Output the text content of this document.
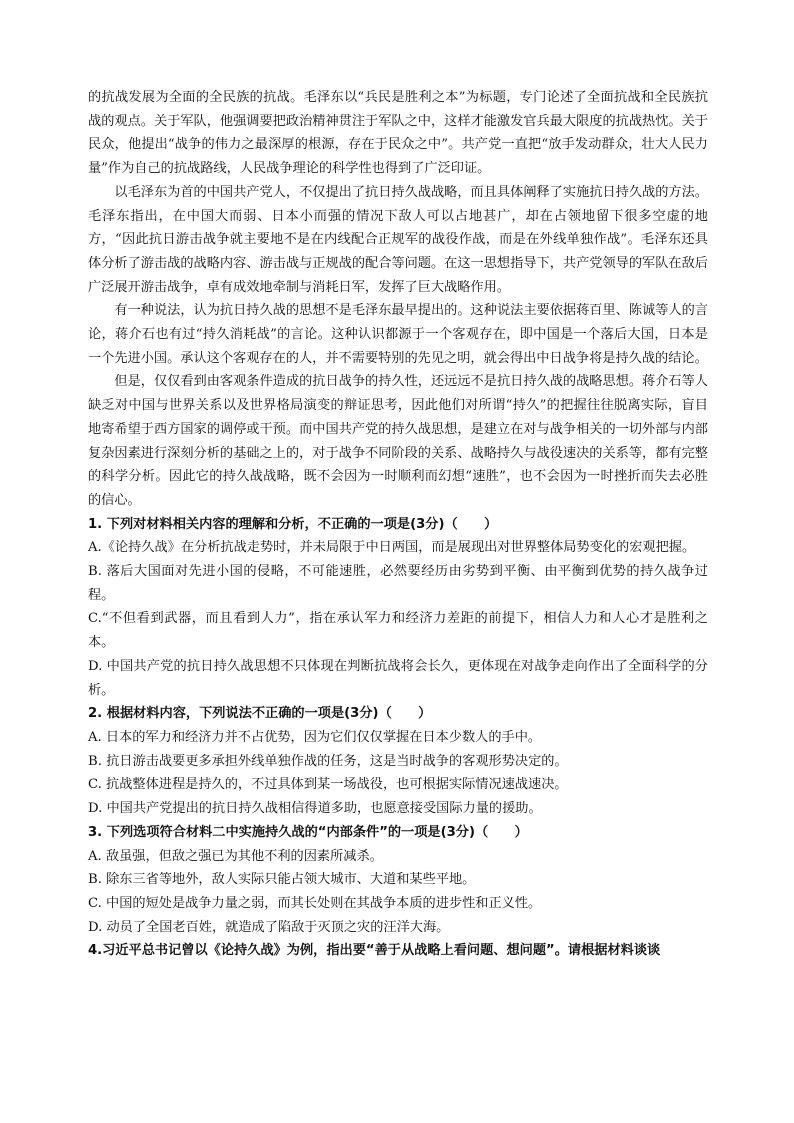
的抗战发展为全面的全民族的抗战。毛泽东以“兵民是胜利之本”为标题，专门论述了全面抗战和全民族抗战的观点。关于军队，他强调要把政治精神贯注于军队之中，这样才能激发官兵最大限度的抗战热忱。关于民众，他提出“战争的伟力之最深厚的根源，存在于民众之中”。共产党一直把“放手发动群众，壮大人民力量”作为自己的抗战路线，人民战争理论的科学性也得到了广泛印证。

以毛泽东为首的中国共产党人，不仅提出了抗日持久战战略，而且具体阐释了实施抗日持久战的方法。毛泽东指出，在中国大而弱、日本小而强的情况下敌人可以占地甚广，却在占领地留下很多空虚的地方，“因此抗日游击战争就主要地不是在内线配合正规军的战役作战，而是在外线单独作战”。毛泽东还具体分析了游击战的战略内容、游击战与正规战的配合等问题。在这一思想指导下，共产党领导的军队在敌后广泛展开游击战争，卓有成效地牵制与消耗日军，发挥了巨大战略作用。

有一种说法，认为抗日持久战的思想不是毛泽东最早提出的。这种说法主要依据蒋百里、陈诚等人的言论，蒋介石也有过“持久消耗战”的言论。这种认识都源于一个客观存在，即中国是一个落后大国，日本是一个先进小国。承认这个客观存在的人，并不需要特别的先见之明，就会得出中日战争将是持久战的结论。

但是，仅仅看到由客观条件造成的抗日战争的持久性，还远远不是抗日持久战的战略思想。蒋介石等人缺乏对中国与世界关系以及世界格局演变的辩证思考，因此他们对所谓“持久”的把握往往脱离实际，盲目地寄希望于西方国家的调停或干预。而中国共产党的持久战思想，是建立在对与战争相关的一切外部与内部复杂因素进行深刻分析的基础之上的，对于战争不同阶段的关系、战略持久与战役速决的关系等，都有完整的科学分析。因此它的持久战战略，既不会因为一时顺利而幻想“速胜”，也不会因为一时挫折而失去必胜的信心。

1. 下列对材料相关内容的理解和分析，不正确的一项是(3分)（　　）

A.《论持久战》在分析抗战走势时，并未局限于中日两国，而是展现出对世界整体局势变化的宏观把握。

B. 落后大国面对先进小国的侵略，不可能速胜，必然要经历由劣势到平衡、由平衡到优势的持久战争过程。

C.“不但看到武器，而且看到人力”，指在承认军力和经济力差距的前提下，相信人力和人心才是胜利之本。

D. 中国共产党的抗日持久战思想不只体现在判断抗战将会长久，更体现在对战争走向作出了全面科学的分析。

2. 根据材料内容，下列说法不正确的一项是(3分)（　　）

A. 日本的军力和经济力并不占优势，因为它们仅仅掌握在日本少数人的手中。

B. 抗日游击战要更多承担外线单独作战的任务，这是当时战争的客观形势决定的。

C. 抗战整体进程是持久的，不过具体到某一场战役，也可根据实际情况速战速决。

D. 中国共产党提出的抗日持久战相信得道多助，也愿意接受国际力量的援助。

3. 下列选项符合材料二中实施持久战的“内部条件”的一项是(3分)（　　）

A. 敌虽强，但敌之强已为其他不利的因素所减杀。

B. 除东三省等地外，敌人实际只能占领大城市、大道和某些平地。

C. 中国的短处是战争力量之弱，而其长处则在其战争本质的进步性和正义性。

D. 动员了全国老百姓，就造成了陷敌于灭顶之灾的汪洋大海。

4.习近平总书记曾以《论持久战》为例，指出要“善于从战略上看问题、想问题”。请根据材料谈谈
